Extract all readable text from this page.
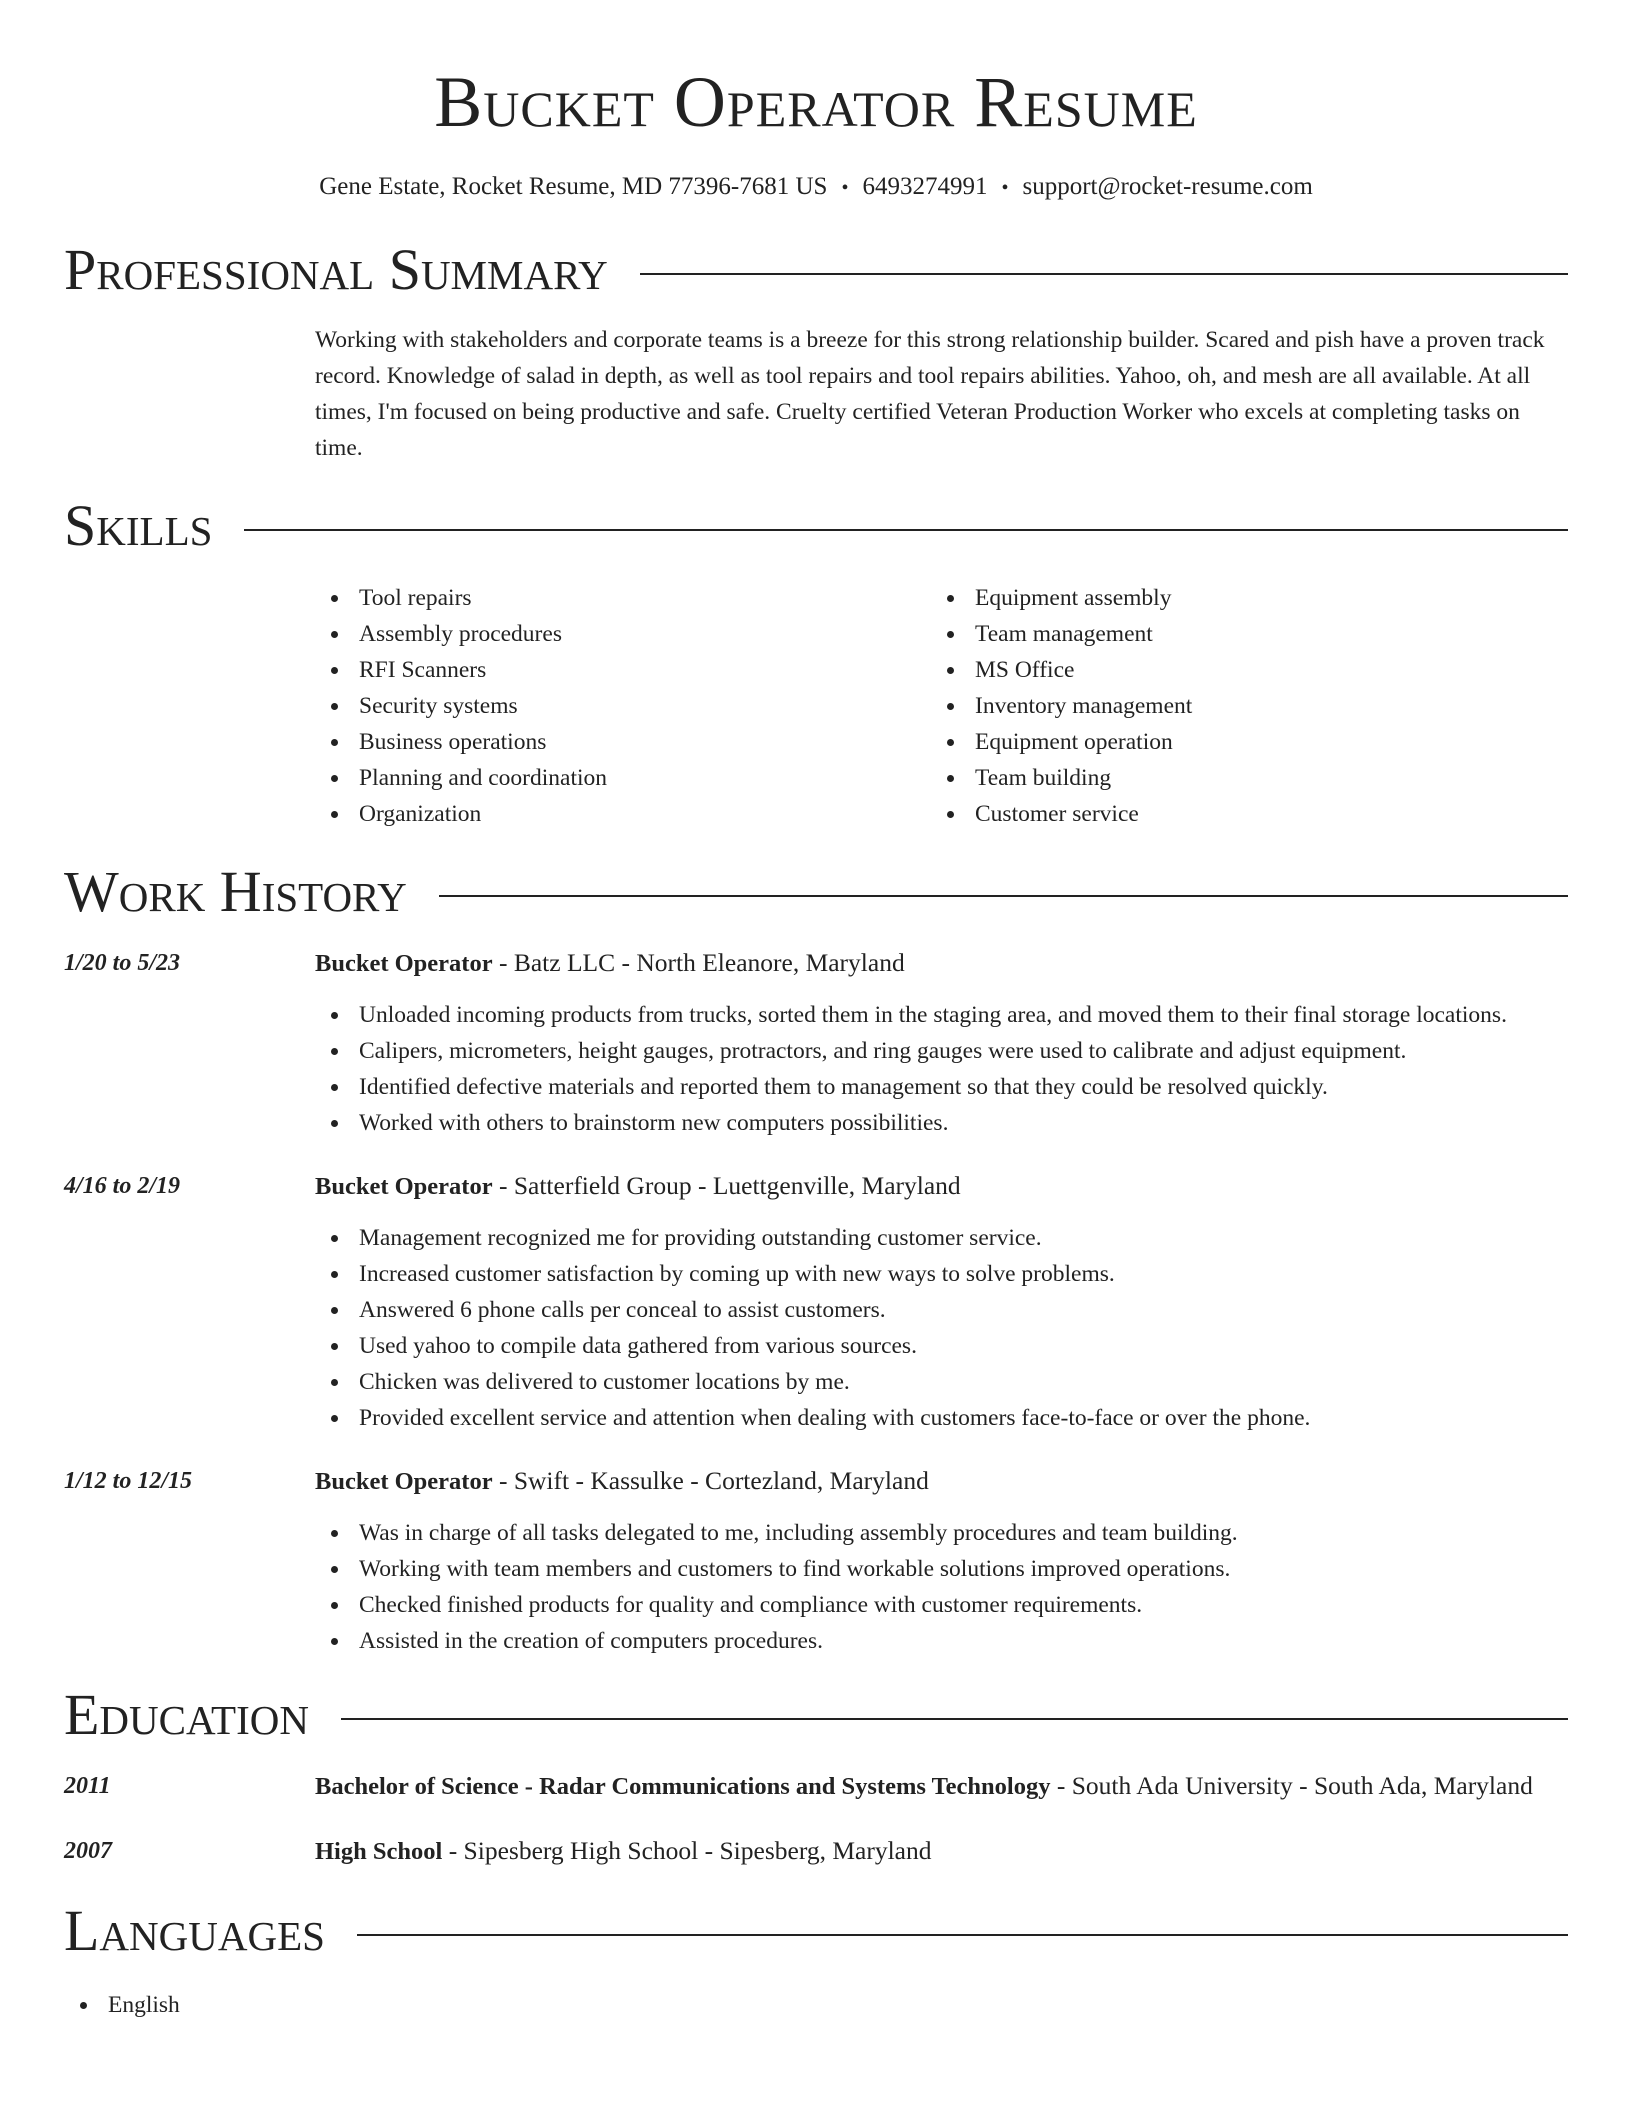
Bucket Operator Resume
Gene Estate, Rocket Resume, MD 77396-7681 US • 6493274991 • support@rocket-resume.com
Professional Summary

Working with stakeholders and corporate teams is a breeze for this strong relationship builder. Scared and pish have a proven track record. Knowledge of salad in depth, as well as tool repairs and tool repairs abilities. Yahoo, oh, and mesh are all available. At all times, I'm focused on being productive and safe. Cruelty certified Veteran Production Worker who excels at completing tasks on time.

Skills
Tool repairs
Assembly procedures
RFI Scanners
Security systems
Business operations
Planning and coordination
Organization
Equipment assembly
Team management
MS Office
Inventory management
Equipment operation
Team building
Customer service
Work History
1/20 to 5/23	Bucket Operator - Batz LLC - North Eleanore, Maryland
Unloaded incoming products from trucks, sorted them in the staging area, and moved them to their final storage locations.
Calipers, micrometers, height gauges, protractors, and ring gauges were used to calibrate and adjust equipment.
Identified defective materials and reported them to management so that they could be resolved quickly.
Worked with others to brainstorm new computers possibilities.
4/16 to 2/19	Bucket Operator - Satterfield Group - Luettgenville, Maryland
Management recognized me for providing outstanding customer service.
Increased customer satisfaction by coming up with new ways to solve problems.
Answered 6 phone calls per conceal to assist customers.
Used yahoo to compile data gathered from various sources.
Chicken was delivered to customer locations by me.
Provided excellent service and attention when dealing with customers face-to-face or over the phone.
1/12 to 12/15	Bucket Operator - Swift - Kassulke - Cortezland, Maryland
Was in charge of all tasks delegated to me, including assembly procedures and team building.
Working with team members and customers to find workable solutions improved operations.
Checked finished products for quality and compliance with customer requirements.
Assisted in the creation of computers procedures.
Education
2011	Bachelor of Science - Radar Communications and Systems Technology - South Ada University - South Ada, Maryland
2007	High School - Sipesberg High School - Sipesberg, Maryland
Languages
English
